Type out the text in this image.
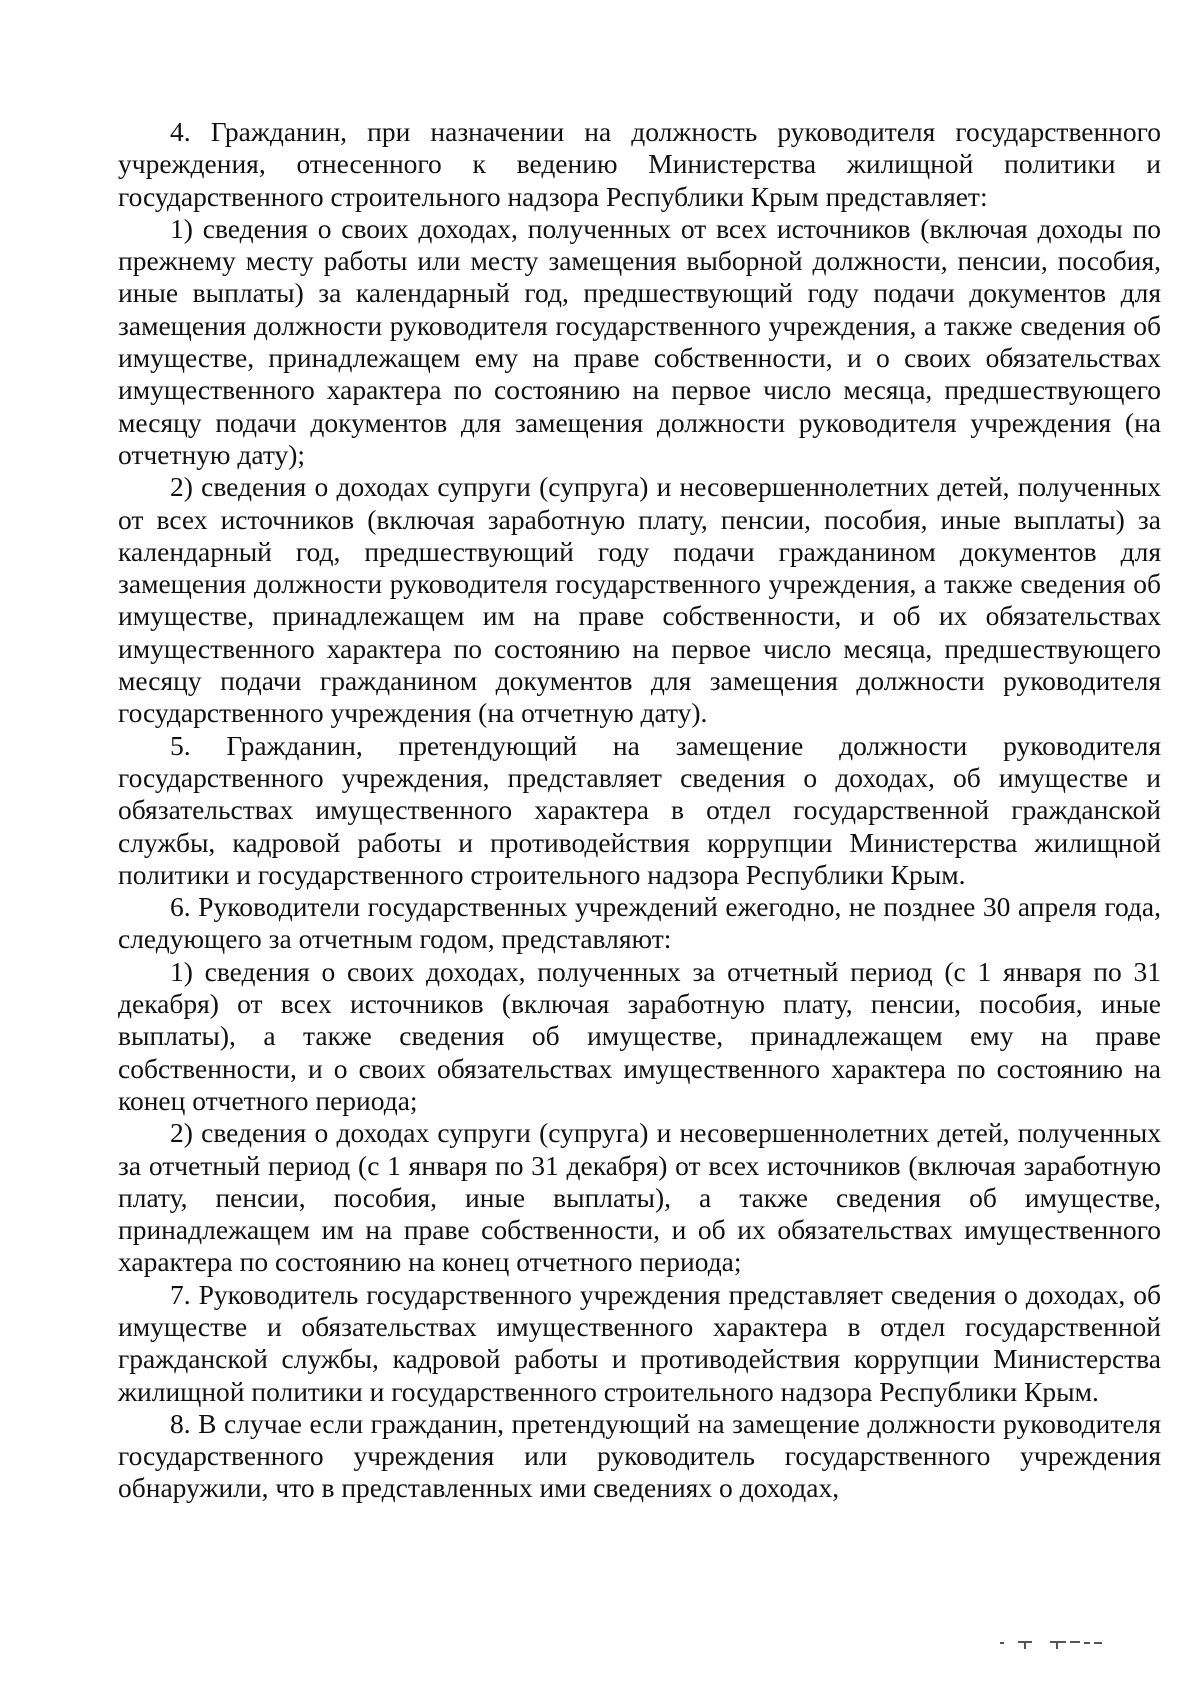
4. Гражданин, при назначении на должность руководителя государственного учреждения, отнесенного к ведению Министерства жилищной политики и государственного строительного надзора Республики Крым представляет:

1) сведения о своих доходах, полученных от всех источников (включая доходы по прежнему месту работы или месту замещения выборной должности, пенсии, пособия, иные выплаты) за календарный год, предшествующий году подачи документов для замещения должности руководителя государственного учреждения, а также сведения об имуществе, принадлежащем ему на праве собственности, и о своих обязательствах имущественного характера по состоянию на первое число месяца, предшествующего месяцу подачи документов для замещения должности руководителя учреждения (на отчетную дату);

2) сведения о доходах супруги (супруга) и несовершеннолетних детей, полученных от всех источников (включая заработную плату, пенсии, пособия, иные выплаты) за календарный год, предшествующий году подачи гражданином документов для замещения должности руководителя государственного учреждения, а также сведения об имуществе, принадлежащем им на праве собственности, и об их обязательствах имущественного характера по состоянию на первое число месяца, предшествующего месяцу подачи гражданином документов для замещения должности руководителя государственного учреждения (на отчетную дату).

5. Гражданин, претендующий на замещение должности руководителя государственного учреждения, представляет сведения о доходах, об имуществе и обязательствах имущественного характера в отдел государственной гражданской службы, кадровой работы и противодействия коррупции Министерства жилищной политики и государственного строительного надзора Республики Крым.

6. Руководители государственных учреждений ежегодно, не позднее 30 апреля года, следующего за отчетным годом, представляют:

1) сведения о своих доходах, полученных за отчетный период (с 1 января по 31 декабря) от всех источников (включая заработную плату, пенсии, пособия, иные выплаты), а также сведения об имуществе, принадлежащем ему на праве собственности, и о своих обязательствах имущественного характера по состоянию на конец отчетного периода;

2) сведения о доходах супруги (супруга) и несовершеннолетних детей, полученных за отчетный период (с 1 января по 31 декабря) от всех источников (включая заработную плату, пенсии, пособия, иные выплаты), а также сведения об имуществе, принадлежащем им на праве собственности, и об их обязательствах имущественного характера по состоянию на конец отчетного периода;

7. Руководитель государственного учреждения представляет сведения о доходах, об имуществе и обязательствах имущественного характера в отдел государственной гражданской службы, кадровой работы и противодействия коррупции Министерства жилищной политики и государственного строительного надзора Республики Крым.

8. В случае если гражданин, претендующий на замещение должности руководителя государственного учреждения или руководитель государственного учреждения обнаружили, что в представленных ими сведениях о доходах,
